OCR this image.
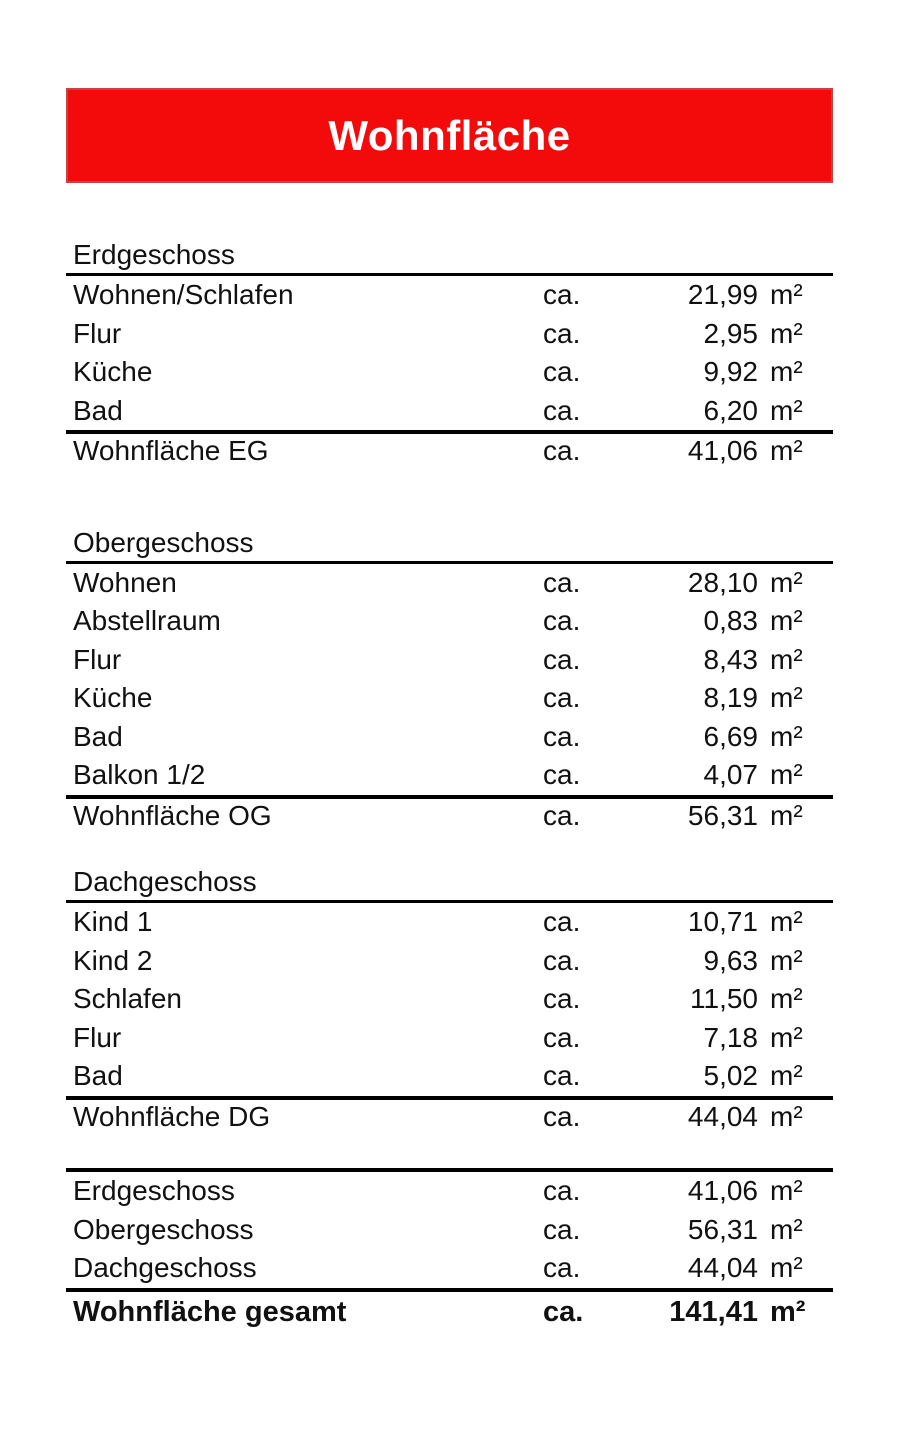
Wohnfläche
Erdgeschoss
Wohnen/Schlafen	ca.	21,99 m²
Flur	ca.	2,95 m²
Küche	ca.	9,92 m²
Bad	ca.	6,20 m²
Wohnfläche EG	ca.	41,06 m²
Obergeschoss
Wohnen	ca.	28,10 m²
Abstellraum	ca.	0,83 m²
Flur	ca.	8,43 m²
Küche	ca.	8,19 m²
Bad	ca.	6,69 m²
Balkon 1/2	ca.	4,07 m²
Wohnfläche OG	ca.	56,31 m²
Dachgeschoss
Kind 1	ca.	10,71 m²
Kind 2	ca.	9,63 m²
Schlafen	ca.	11,50 m²
Flur	ca.	7,18 m²
Bad	ca.	5,02 m²
Wohnfläche DG	ca.	44,04 m²
Erdgeschoss	ca.	41,06 m²
Obergeschoss	ca.	56,31 m²
Dachgeschoss	ca.	44,04 m²
Wohnfläche gesamt	ca.	141,41 m²
